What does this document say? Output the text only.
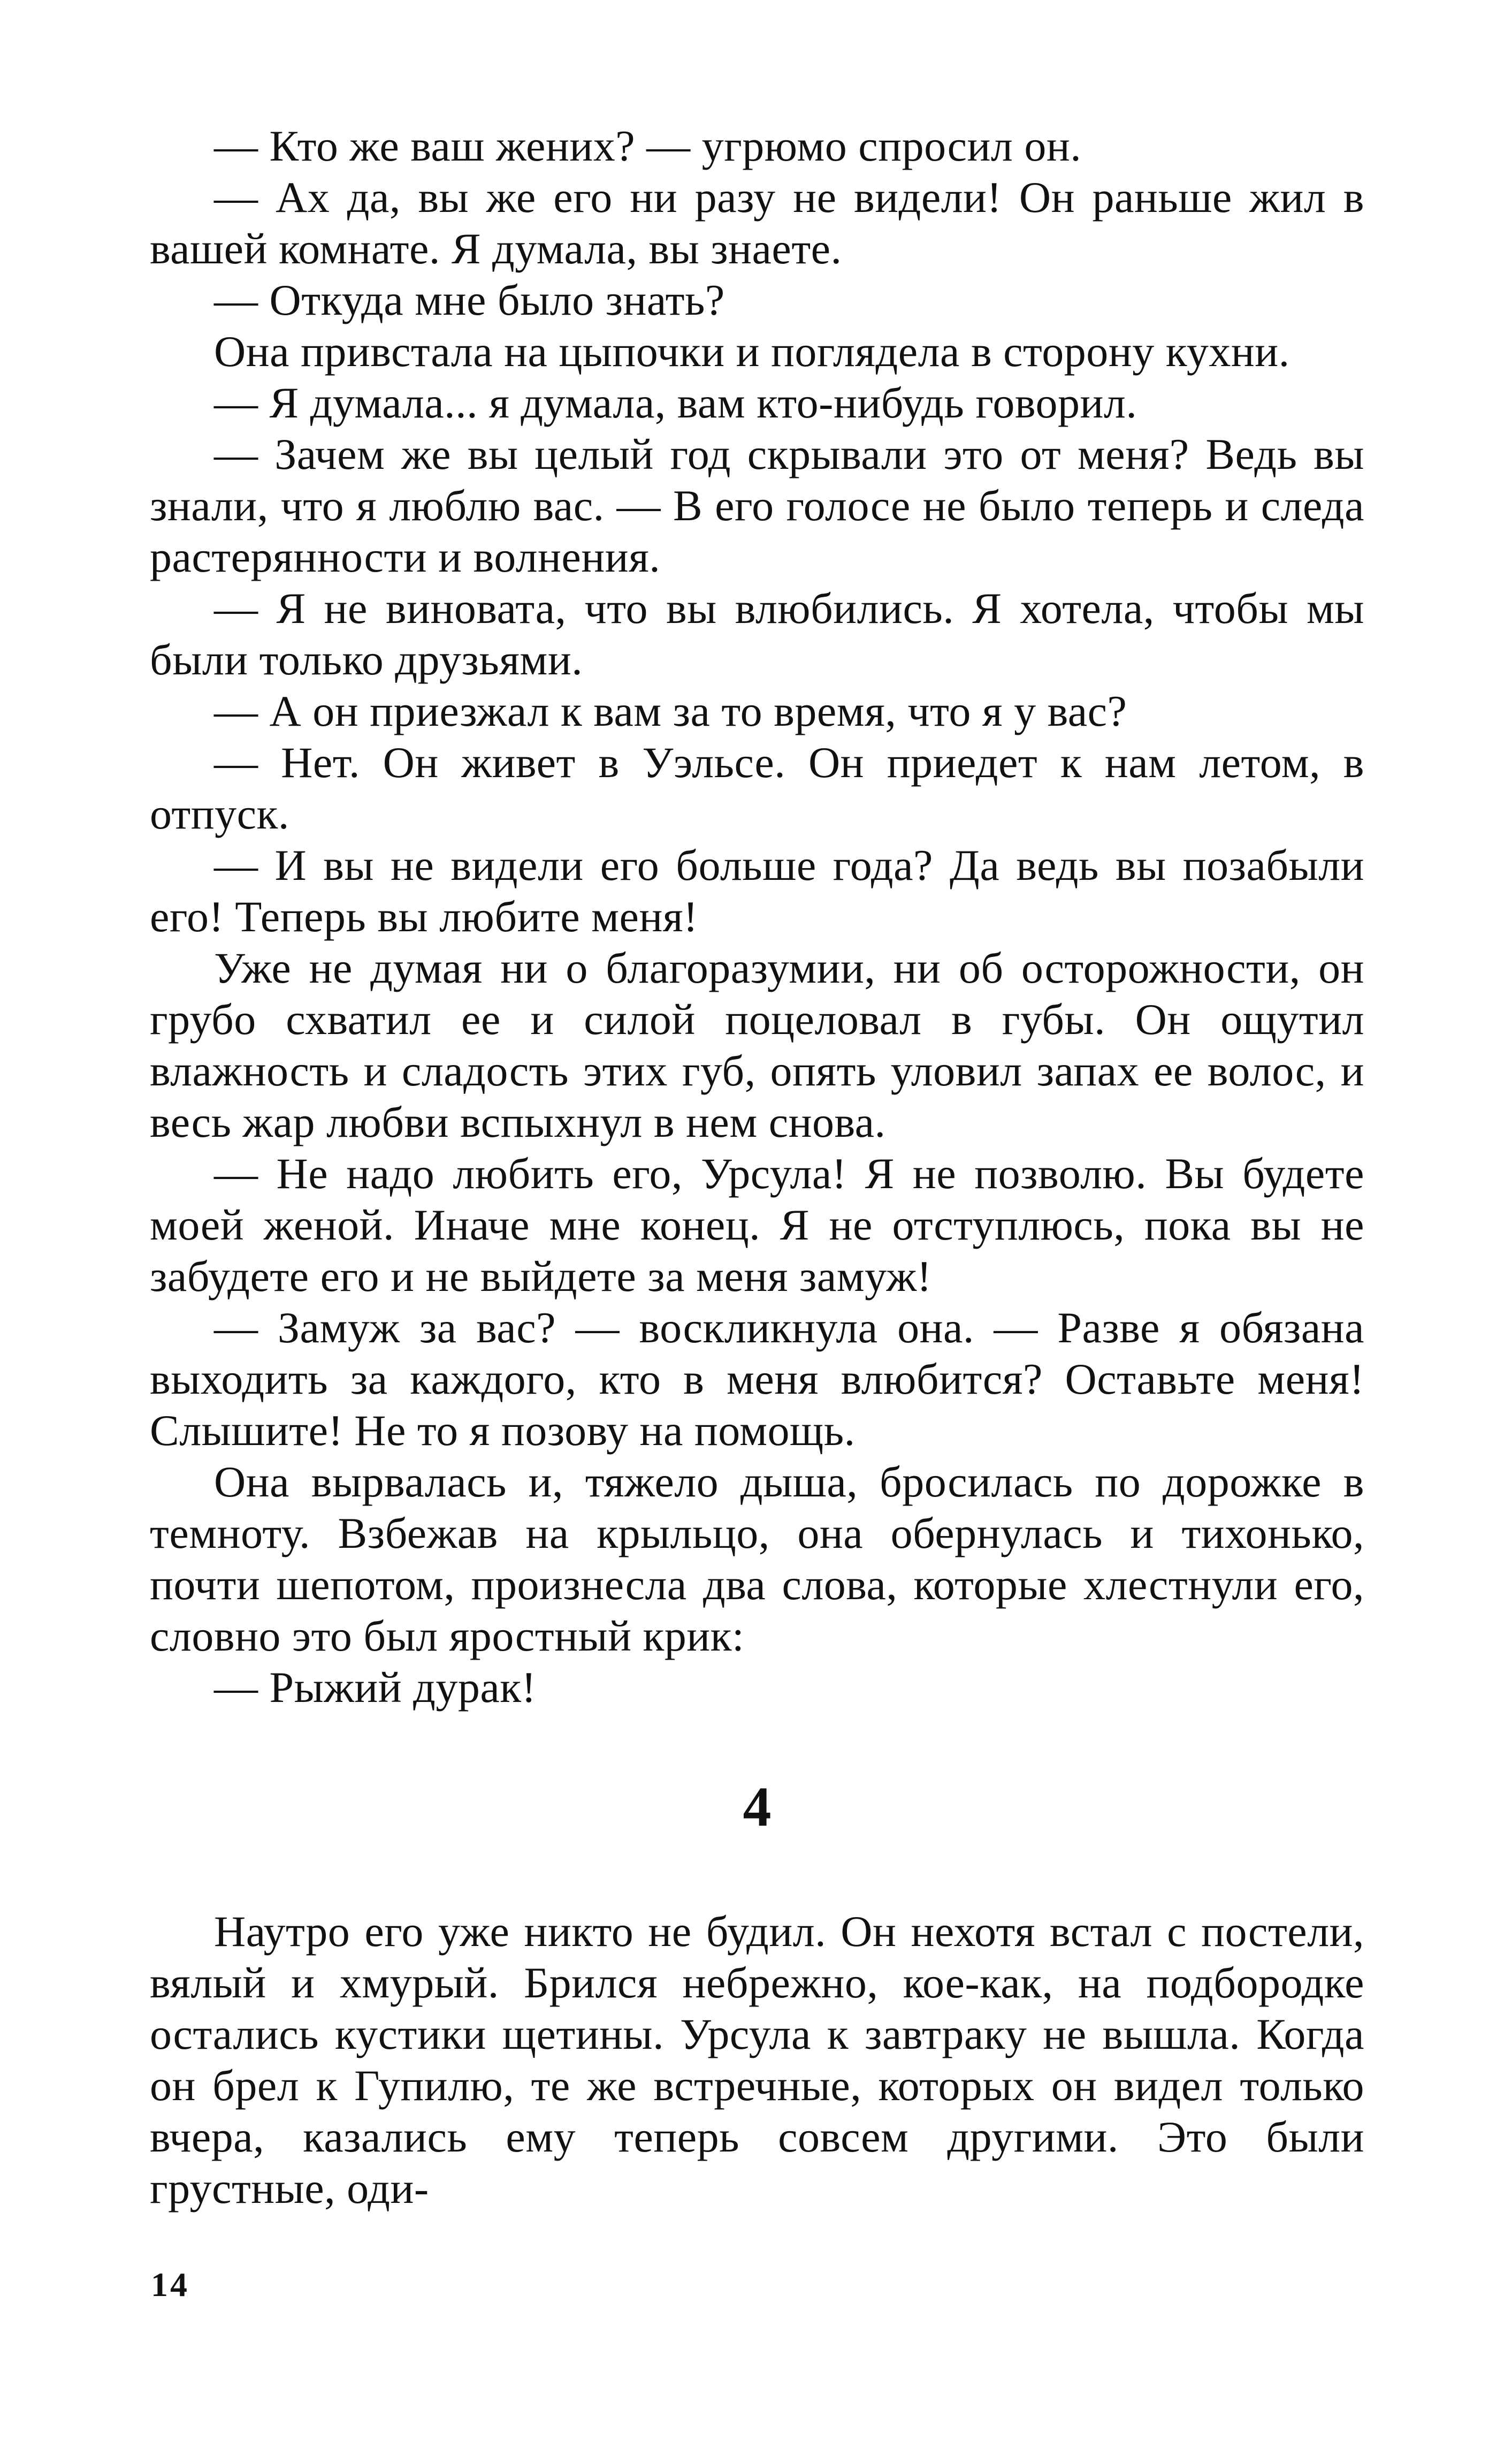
— Кто же ваш жених? — угрюмо спросил он.

— Ах да, вы же его ни разу не видели! Он раньше жил в вашей комнате. Я думала, вы знаете.

— Откуда мне было знать?

Она привстала на цыпочки и поглядела в сторону кухни.

— Я думала... я думала, вам кто-нибудь говорил.

— Зачем же вы целый год скрывали это от меня? Ведь вы знали, что я люблю вас. — В его голосе не было теперь и следа растерянности и волнения.

— Я не виновата, что вы влюбились. Я хотела, чтобы мы были только друзьями.

— А он приезжал к вам за то время, что я у вас?

— Нет. Он живет в Уэльсе. Он приедет к нам летом, в отпуск.

— И вы не видели его больше года? Да ведь вы позабыли его! Теперь вы любите меня!

Уже не думая ни о благоразумии, ни об осторожности, он грубо схватил ее и силой поцеловал в губы. Он ощутил влажность и сладость этих губ, опять уловил запах ее волос, и весь жар любви вспыхнул в нем снова.

— Не надо любить его, Урсула! Я не позволю. Вы будете моей женой. Иначе мне конец. Я не отступлюсь, пока вы не забудете его и не выйдете за меня замуж!

— Замуж за вас? — воскликнула она. — Разве я обязана выходить за каждого, кто в меня влюбится? Оставьте меня! Слышите! Не то я позову на помощь.

Она вырвалась и, тяжело дыша, бросилась по дорожке в темноту. Взбежав на крыльцо, она обернулась и тихонько, почти шепотом, произнесла два слова, которые хлестнули его, словно это был яростный крик:

— Рыжий дурак!

4

Наутро его уже никто не будил. Он нехотя встал с постели, вялый и хмурый. Брился небрежно, кое-как, на подбородке остались кустики щетины. Урсула к завтраку не вышла. Когда он брел к Гупилю, те же встречные, которых он видел только вчера, казались ему теперь совсем другими. Это были грустные, оди-

14
